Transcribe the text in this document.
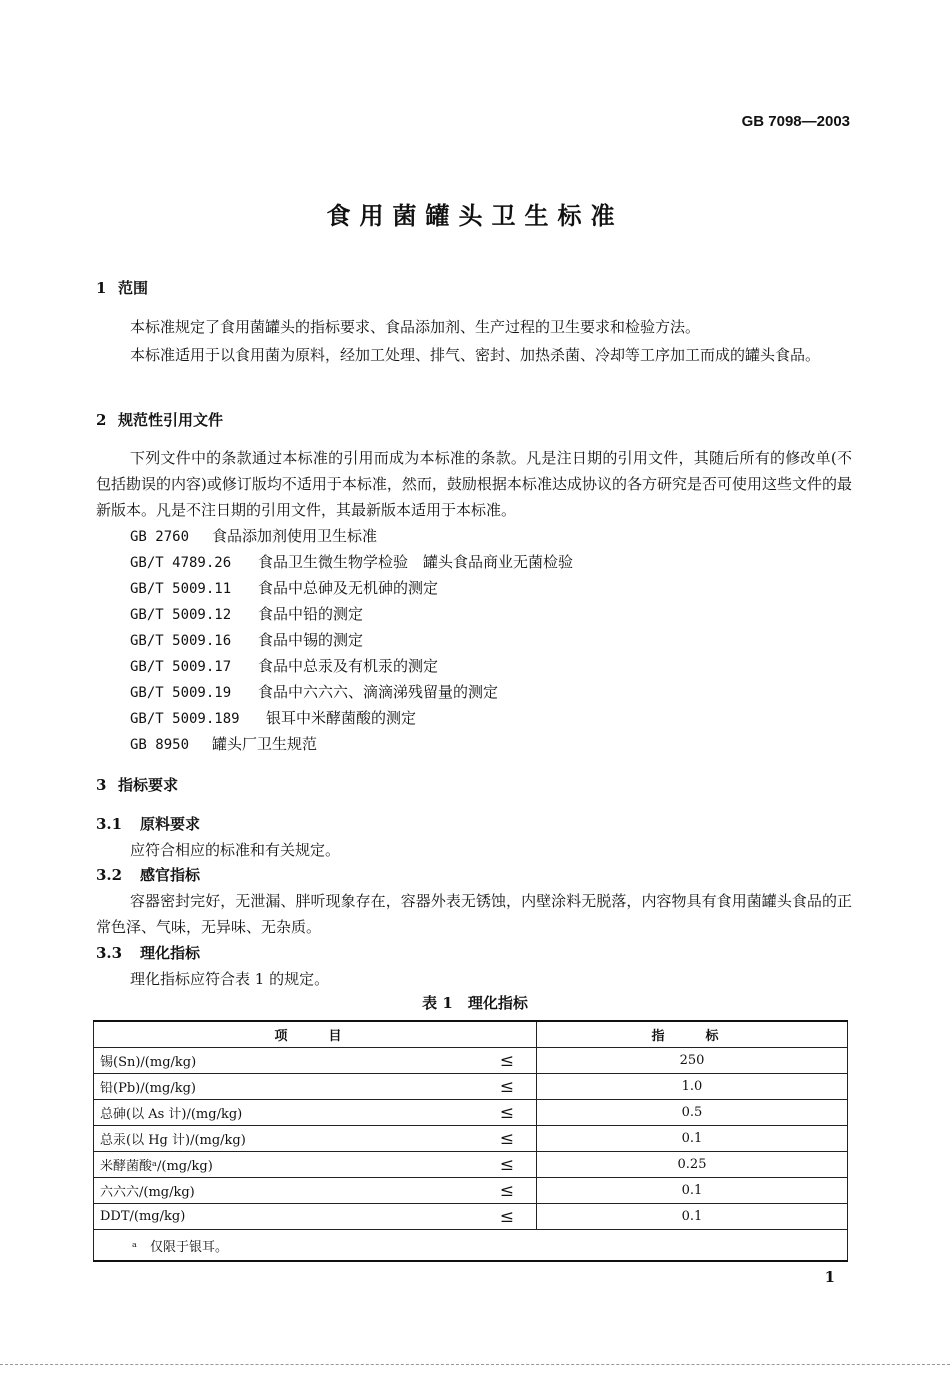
GB 7098—2003
食用菌罐头卫生标准
1 范围
本标准规定了食用菌罐头的指标要求、食品添加剂、生产过程的卫生要求和检验方法。
本标准适用于以食用菌为原料，经加工处理、排气、密封、加热杀菌、冷却等工序加工而成的罐头食品。
2 规范性引用文件
下列文件中的条款通过本标准的引用而成为本标准的条款。凡是注日期的引用文件，其随后所有的修改单(不包括勘误的内容)或修订版均不适用于本标准，然而，鼓励根据本标准达成协议的各方研究是否可使用这些文件的最新版本。凡是不注日期的引用文件，其最新版本适用于本标准。
GB 2760 食品添加剂使用卫生标准
GB/T 4789.26 食品卫生微生物学检验　罐头食品商业无菌检验
GB/T 5009.11 食品中总砷及无机砷的测定
GB/T 5009.12 食品中铅的测定
GB/T 5009.16 食品中锡的测定
GB/T 5009.17 食品中总汞及有机汞的测定
GB/T 5009.19 食品中六六六、滴滴涕残留量的测定
GB/T 5009.189 银耳中米酵菌酸的测定
GB 8950 罐头厂卫生规范
3 指标要求
3.1 原料要求
应符合相应的标准和有关规定。
3.2 感官指标
容器密封完好，无泄漏、胖听现象存在，容器外表无锈蚀，内壁涂料无脱落，内容物具有食用菌罐头食品的正常色泽、气味，无异味、无杂质。
3.3 理化指标
理化指标应符合表 1 的规定。
表 1　理化指标
项　目		指　标
锡(Sn)/(mg/kg)	≤	250
铅(Pb)/(mg/kg)	≤	1.0
总砷(以 As 计)/(mg/kg)	≤	0.5
总汞(以 Hg 计)/(mg/kg)	≤	0.1
米酵菌酸ᵃ/(mg/kg)	≤	0.25
六六六/(mg/kg)	≤	0.1
DDT/(mg/kg)	≤	0.1
ᵃ　仅限于银耳。		
1
